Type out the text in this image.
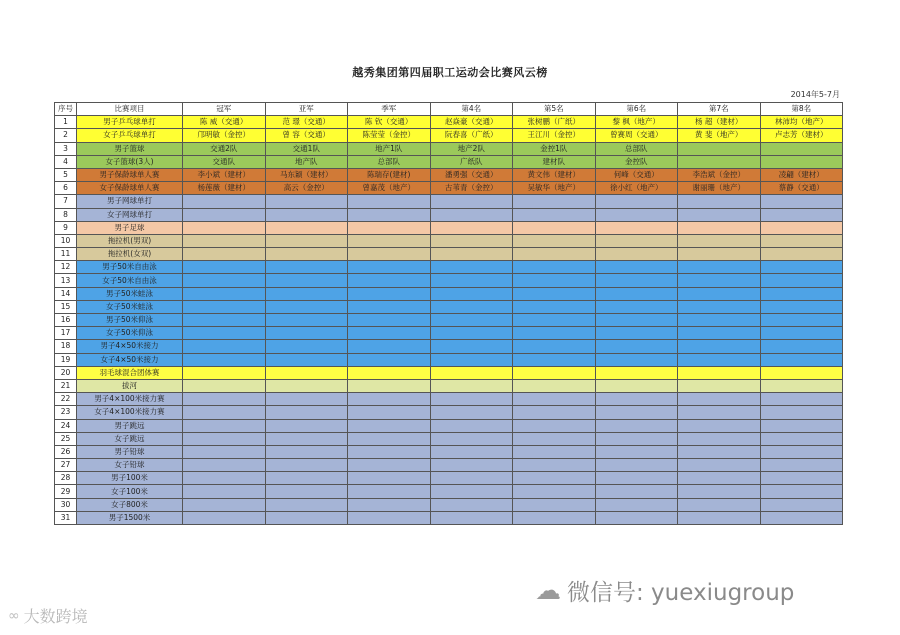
越秀集团第四届职工运动会比赛风云榜
2014年5-7月
序号	比赛项目	冠军	亚军	季军	第4名	第5名	第6名	第7名	第8名
1	男子乒乓球单打	陈 威（交通）	范 璟（交通）	陈 钦（交通）	赵焱豪（交通）	张树鹏（广纸）	黎 枫（地产）	杨 超（建材）	林沛均（地产）
2	女子乒乓球单打	邝明敏（金控）	曾 容（交通）	陈莹莹（金控）	阮春喜（广纸）	王江川（金控）	曾赛周（交通）	黄 斐（地产）	卢志芳（建材）
3	男子篮球	交通2队	交通1队	地产1队	地产2队	金控1队	总部队		
4	女子篮球(3人)	交通队	地产队	总部队	广纸队	建材队	金控队		
5	男子保龄球单人赛	李小斌（建材）	马东颖（建材）	陈瑞存(建材)	潘勇强（交通）	黄文伟（建材）	何峰（交通）	李浩斌（金控）	凌翩（建材）
6	女子保龄球单人赛	杨莲薇（建材）	高云（金控）	曾嘉茂（地产）	古苇青（金控）	吴敏华（地产）	徐小红（地产）	谢丽珊（地产）	蔡静（交通）
7	男子网球单打								
8	女子网球单打								
9	男子足球								
10	拖拉机(男双)								
11	拖拉机(女双)								
12	男子50米自由泳								
13	女子50米自由泳								
14	男子50米蛙泳								
15	女子50米蛙泳								
16	男子50米仰泳								
17	女子50米仰泳								
18	男子4×50米接力								
19	女子4×50米接力								
20	羽毛球混合团体赛								
21	拔河								
22	男子4×100米接力赛								
23	女子4×100米接力赛								
24	男子跳远								
25	女子跳远								
26	男子铅球								
27	女子铅球								
28	男子100米								
29	女子100米								
30	女子800米								
31	男子1500米								
☁ 微信号: yuexiugroup
∞ 大数跨境
